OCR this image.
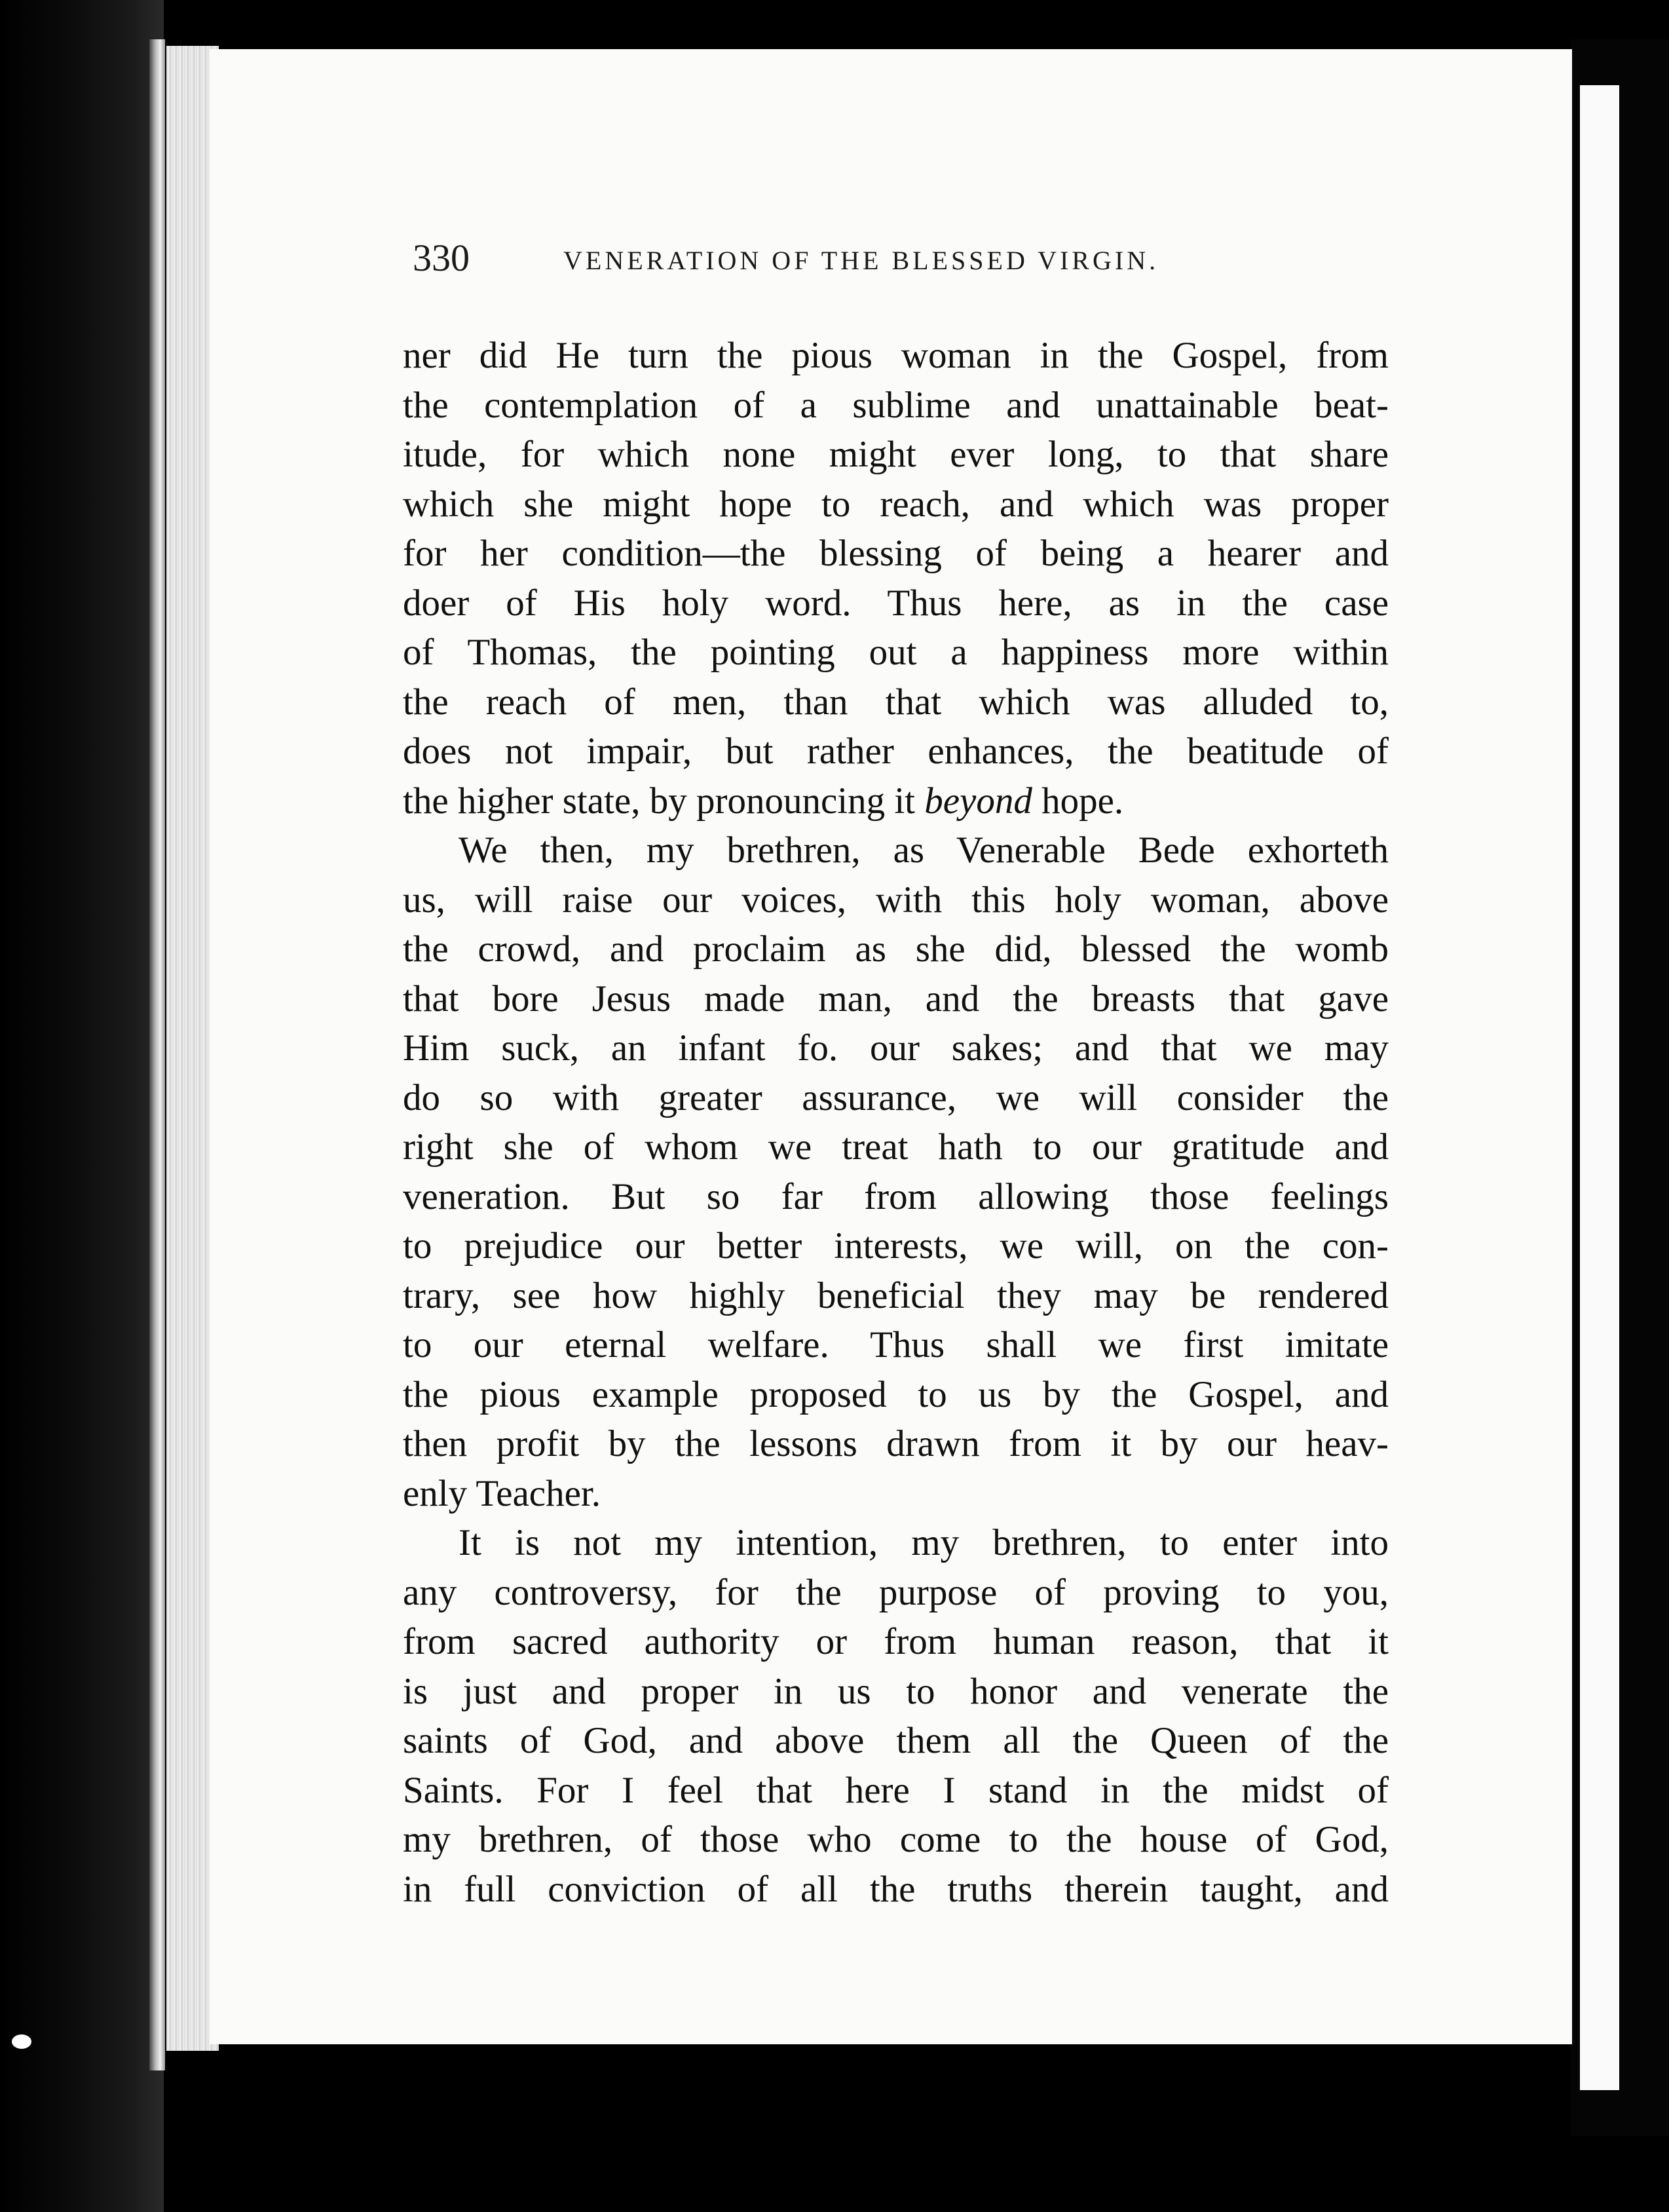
330	VENERATION OF THE BLESSED VIRGIN.
ner did He turn the pious woman in the Gospel, from
the contemplation of a sublime and unattainable beat-
itude, for which none might ever long, to that share
which she might hope to reach, and which was proper
for her condition—the blessing of being a hearer and
doer of His holy word. Thus here, as in the case
of Thomas, the pointing out a happiness more within
the reach of men, than that which was alluded to,
does not impair, but rather enhances, the beatitude of
the higher state, by pronouncing it beyond hope.
We then, my brethren, as Venerable Bede exhorteth
us, will raise our voices, with this holy woman, above
the crowd, and proclaim as she did, blessed the womb
that bore Jesus made man, and the breasts that gave
Him suck, an infant fo. our sakes; and that we may
do so with greater assurance, we will consider the
right she of whom we treat hath to our gratitude and
veneration. But so far from allowing those feelings
to prejudice our better interests, we will, on the con-
trary, see how highly beneficial they may be rendered
to our eternal welfare. Thus shall we first imitate
the pious example proposed to us by the Gospel, and
then profit by the lessons drawn from it by our heav-
enly Teacher.
It is not my intention, my brethren, to enter into
any controversy, for the purpose of proving to you,
from sacred authority or from human reason, that it
is just and proper in us to honor and venerate the
saints of God, and above them all the Queen of the
Saints. For I feel that here I stand in the midst of
my brethren, of those who come to the house of God,
in full conviction of all the truths therein taught, and
